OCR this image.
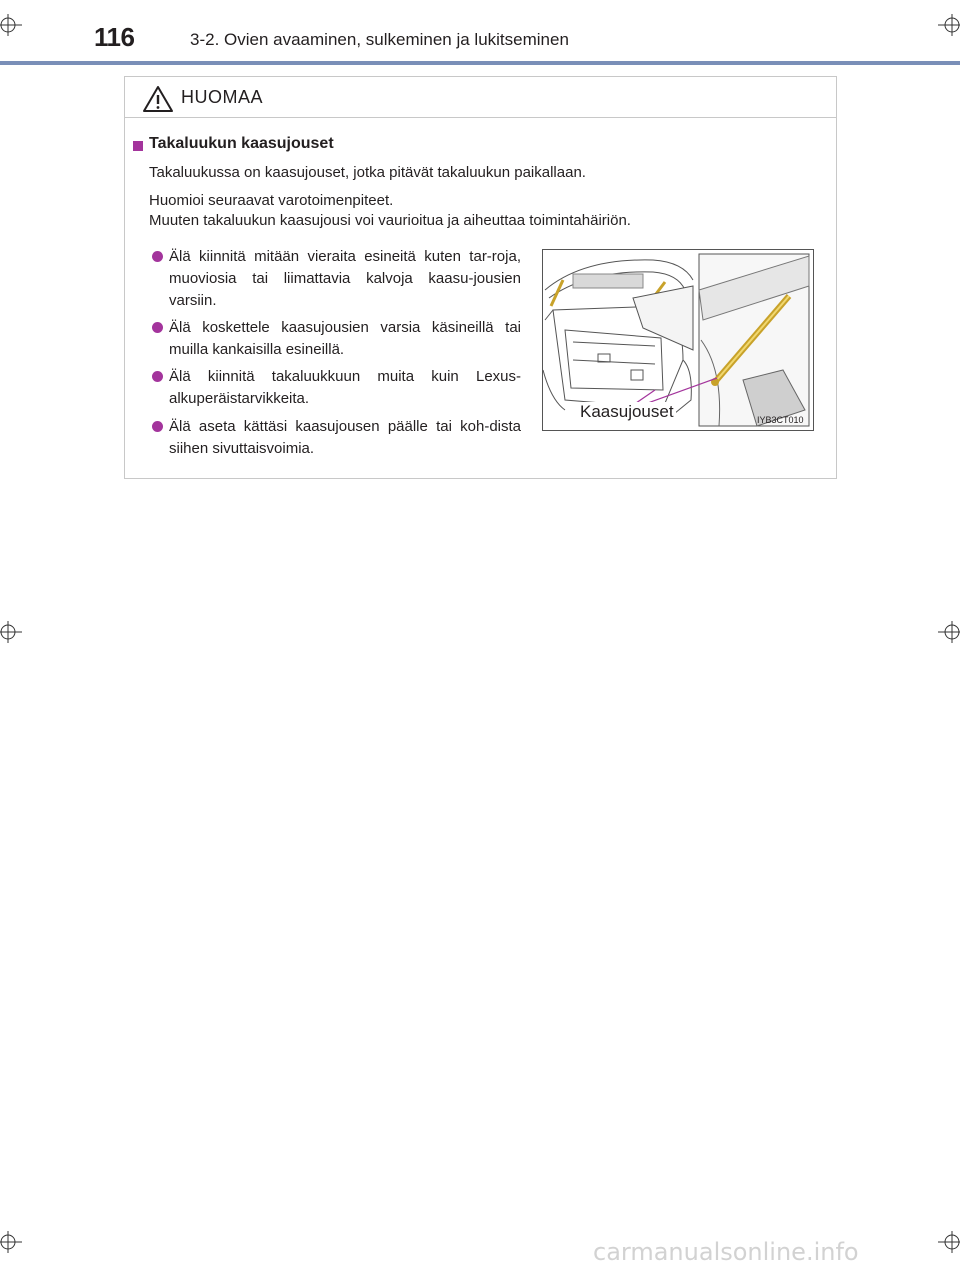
116	3-2. Ovien avaaminen, sulkeminen ja lukitseminen
HUOMAA
Takaluukun kaasujouset
Takaluukussa on kaasujouset, jotka pitävät takaluukun paikallaan.
Huomioi seuraavat varotoimenpiteet.
Muuten takaluukun kaasujousi voi vaurioitua ja aiheuttaa toimintahäiriön.
Älä kiinnitä mitään vieraita esineitä kuten tar-roja, muoviosia tai liimattavia kalvoja kaasu-jousien varsiin.
Älä koskettele kaasujousien varsia käsineillä tai muilla kankaisilla esineillä.
Älä kiinnitä takaluukkuun muita kuin Lexus-alkuperäistarvikkeita.
Älä aseta kättäsi kaasujousen päälle tai koh-dista siihen sivuttaisvoimia.
Kaasujouset	IYB3CT010
carmanualsonline.info
